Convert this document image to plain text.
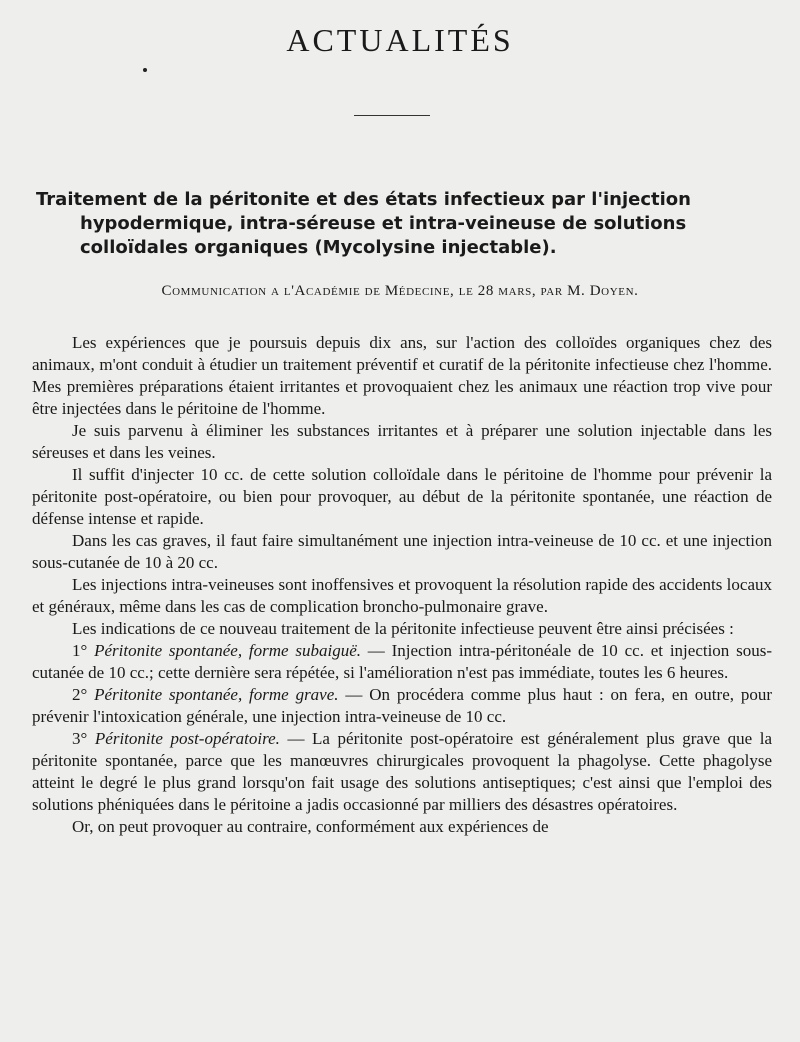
ACTUALITÉS
Traitement de la péritonite et des états infectieux par l'injection
hypodermique, intra-séreuse et intra-veineuse de solutions
colloïdales organiques (Mycolysine injectable).
Communication a l'Académie de Médecine, le 28 mars, par M. Doyen.

Les expériences que je poursuis depuis dix ans, sur l'action des colloïdes organiques chez des animaux, m'ont conduit à étudier un traitement préventif et curatif de la péritonite infectieuse chez l'homme. Mes premières préparations étaient irritantes et provoquaient chez les animaux une réaction trop vive pour être injectées dans le péritoine de l'homme.

Je suis parvenu à éliminer les substances irritantes et à préparer une solution injectable dans les séreuses et dans les veines.

Il suffit d'injecter 10 cc. de cette solution colloïdale dans le péritoine de l'homme pour prévenir la péritonite post-opératoire, ou bien pour provoquer, au début de la péritonite spontanée, une réaction de défense intense et rapide.

Dans les cas graves, il faut faire simultanément une injection intra-veineuse de 10 cc. et une injection sous-cutanée de 10 à 20 cc.

Les injections intra-veineuses sont inoffensives et provoquent la résolution rapide des accidents locaux et généraux, même dans les cas de complication broncho-pulmonaire grave.

Les indications de ce nouveau traitement de la péritonite infectieuse peuvent être ainsi précisées :

1° Péritonite spontanée, forme subaiguë. — Injection intra-péritonéale de 10 cc. et injection sous-cutanée de 10 cc.; cette dernière sera répétée, si l'amélioration n'est pas immédiate, toutes les 6 heures.

2° Péritonite spontanée, forme grave. — On procédera comme plus haut : on fera, en outre, pour prévenir l'intoxication générale, une injection intra-veineuse de 10 cc.

3° Péritonite post-opératoire. — La péritonite post-opératoire est généralement plus grave que la péritonite spontanée, parce que les manœuvres chirurgicales provoquent la phagolyse. Cette phagolyse atteint le degré le plus grand lorsqu'on fait usage des solutions antiseptiques; c'est ainsi que l'emploi des solutions phéniquées dans le péritoine a jadis occasionné par milliers des désastres opératoires.

Or, on peut provoquer au contraire, conformément aux expériences de
